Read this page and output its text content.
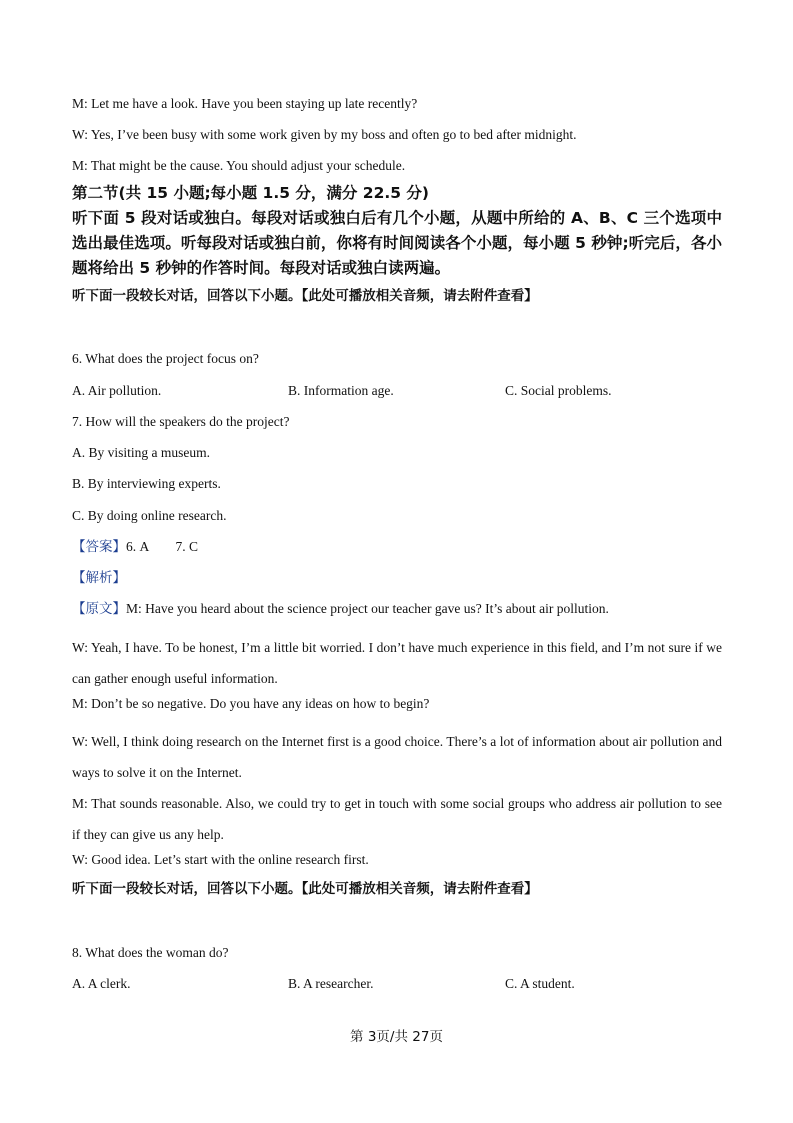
M: Let me have a look. Have you been staying up late recently?
W: Yes, I’ve been busy with some work given by my boss and often go to bed after midnight.
M: That might be the cause. You should adjust your schedule.
第二节(共 15 小题;每小题 1.5 分，满分 22.5 分)
听下面 5 段对话或独白。每段对话或独白后有几个小题，从题中所给的 A、B、C 三个选项中选出最佳选项。听每段对话或独白前，你将有时间阅读各个小题，每小题 5 秒钟;听完后，各小题将给出 5 秒钟的作答时间。每段对话或独白读两遍。
听下面一段较长对话，回答以下小题。【此处可播放相关音频，请去附件查看】
6. What does the project focus on?
A. Air pollution.	B. Information age.	C. Social problems.
7. How will the speakers do the project?
A. By visiting a museum.
B. By interviewing experts.
C. By doing online research.
【答案】6. A        7. C
【解析】
【原文】M: Have you heard about the science project our teacher gave us? It’s about air pollution.
W: Yeah, I have. To be honest, I’m a little bit worried. I don’t have much experience in this field, and I’m not sure if we can gather enough useful information.
M: Don’t be so negative. Do you have any ideas on how to begin?
W: Well, I think doing research on the Internet first is a good choice. There’s a lot of information about air pollution and ways to solve it on the Internet.
M: That sounds reasonable. Also, we could try to get in touch with some social groups who address air pollution to see if they can give us any help.
W: Good idea. Let’s start with the online research first.
听下面一段较长对话，回答以下小题。【此处可播放相关音频，请去附件查看】
8. What does the woman do?
A. A clerk.	B. A researcher.	C. A student.
第 3页/共 27页
